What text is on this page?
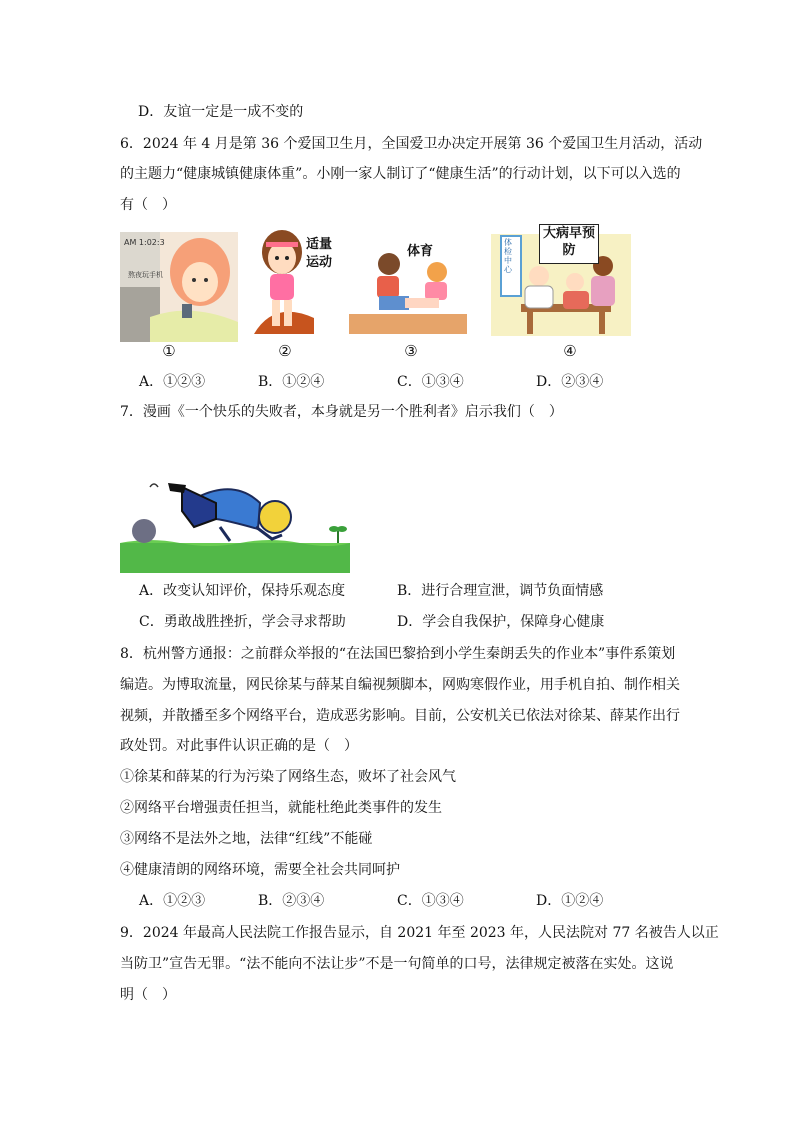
D．友谊一定是一成不变的
6．2024 年 4 月是第 36 个爱国卫生月，全国爱卫办决定开展第 36 个爱国卫生月活动，活动
的主题力“健康城镇健康体重”。小刚一家人制订了“健康生活”的行动计划，以下可以入选的
有（　）
AM 1:02:3
熬夜玩手机
①
适量运动
②
体育
③
大病早预防
体检中心
④
A．①②③	B．①②④	C．①③④	D．②③④
7．漫画《一个快乐的失败者，本身就是另一个胜利者》启示我们（　）
A．改变认知评价，保持乐观态度	B．进行合理宣泄，调节负面情感
C．勇敢战胜挫折，学会寻求帮助	D．学会自我保护，保障身心健康
8．杭州警方通报：之前群众举报的“在法国巴黎拾到小学生秦朗丢失的作业本”事件系策划
编造。为博取流量，网民徐某与薛某自编视频脚本，网购寒假作业，用手机自拍、制作相关
视频，并散播至多个网络平台，造成恶劣影响。目前，公安机关已依法对徐某、薛某作出行
政处罚。对此事件认识正确的是（　）
①徐某和薛某的行为污染了网络生态，败坏了社会风气
②网络平台增强责任担当，就能杜绝此类事件的发生
③网络不是法外之地，法律“红线”不能碰
④健康清朗的网络环境，需要全社会共同呵护
A．①②③	B．②③④	C．①③④	D．①②④
9．2024 年最高人民法院工作报告显示，自 2021 年至 2023 年，人民法院对 77 名被告人以正
当防卫”宣告无罪。“法不能向不法让步”不是一句简单的口号，法律规定被落在实处。这说
明（　）
